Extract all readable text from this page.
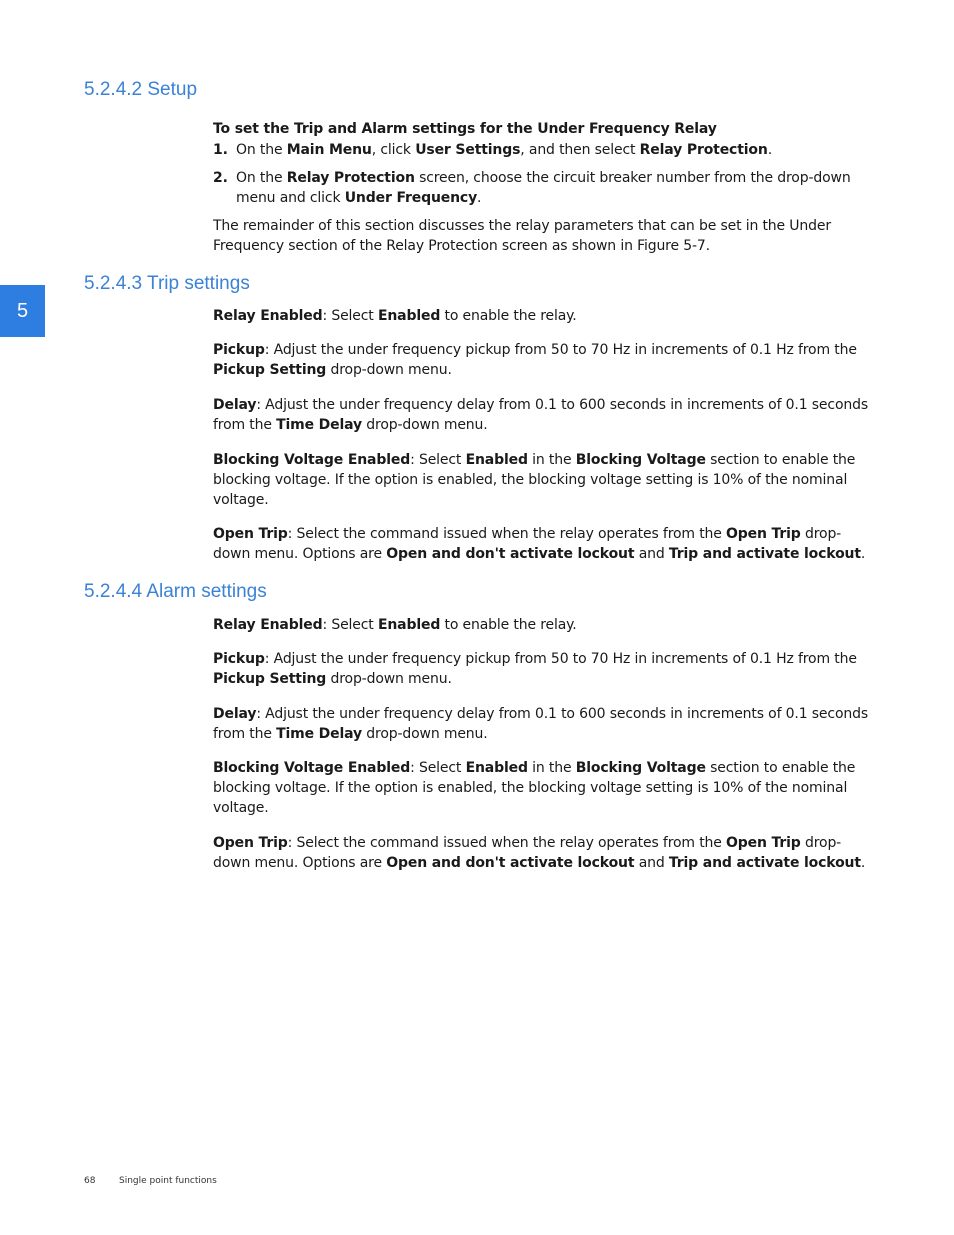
5
5.2.4.2 Setup

To set the Trip and Alarm settings for the Under Frequency Relay

1. On the Main Menu, click User Settings, and then select Relay Protection.
2. On the Relay Protection screen, choose the circuit breaker number from the drop-down menu and click Under Frequency.

The remainder of this section discusses the relay parameters that can be set in the Under Frequency section of the Relay Protection screen as shown in Figure 5-7.

5.2.4.3 Trip settings

Relay Enabled: Select Enabled to enable the relay.

Pickup: Adjust the under frequency pickup from 50 to 70 Hz in increments of 0.1 Hz from the Pickup Setting drop-down menu.

Delay: Adjust the under frequency delay from 0.1 to 600 seconds in increments of 0.1 seconds from the Time Delay drop-down menu.

Blocking Voltage Enabled: Select Enabled in the Blocking Voltage section to enable the blocking voltage. If the option is enabled, the blocking voltage setting is 10% of the nominal voltage.

Open Trip: Select the command issued when the relay operates from the Open Trip drop-down menu. Options are Open and don't activate lockout and Trip and activate lockout.

5.2.4.4 Alarm settings

Relay Enabled: Select Enabled to enable the relay.

Pickup: Adjust the under frequency pickup from 50 to 70 Hz in increments of 0.1 Hz from the Pickup Setting drop-down menu.

Delay: Adjust the under frequency delay from 0.1 to 600 seconds in increments of 0.1 seconds from the Time Delay drop-down menu.

Blocking Voltage Enabled: Select Enabled in the Blocking Voltage section to enable the blocking voltage. If the option is enabled, the blocking voltage setting is 10% of the nominal voltage.

Open Trip: Select the command issued when the relay operates from the Open Trip drop-down menu. Options are Open and don't activate lockout and Trip and activate lockout.

68	Single point functions
